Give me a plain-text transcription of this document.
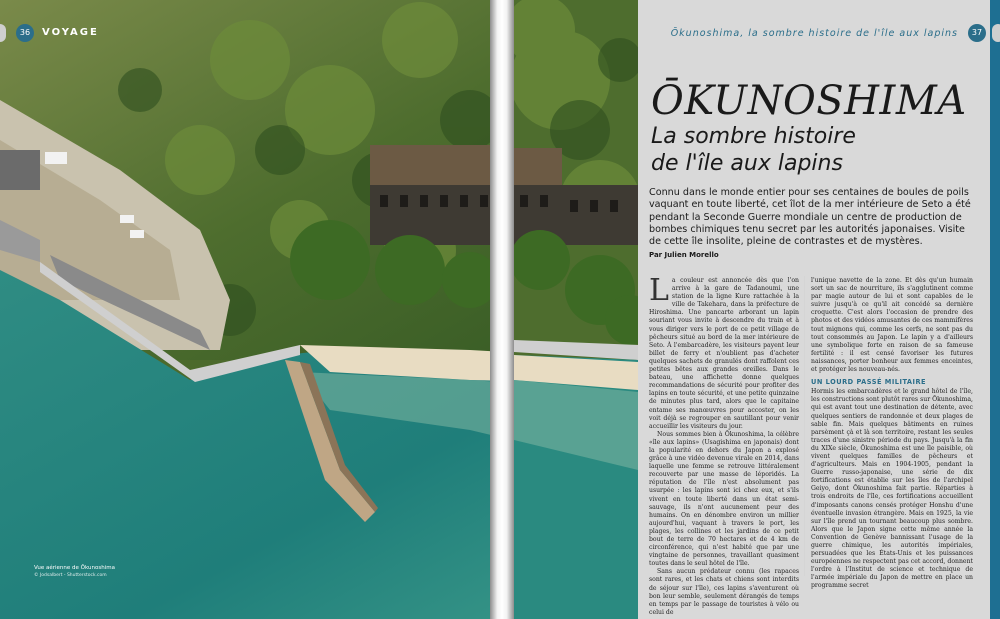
36	VOYAGE	Ōkunoshima, la sombre histoire de l'île aux lapins	37
ŌKUNOSHIMA
La sombre histoire
de l'île aux lapins
Connu dans le monde entier pour ses centaines de boules de poils vaquant en toute liberté, cet îlot de la mer intérieure de Seto a été pendant la Seconde Guerre mondiale un centre de production de bombes chimiques tenu secret par les autorités japonaises. Visite de cette île insolite, pleine de contrastes et de mystères.
Par Julien Morello

La couleur est annoncée dès que l'on arrive à la gare de Tadanoumi, une station de la ligne Kure rattachée à la ville de Takehara, dans la préfecture de Hiroshima. Une pancarte arborant un lapin souriant vous invite à descendre du train et à vous diriger vers le port de ce petit village de pêcheurs situé au bord de la mer intérieure de Seto. À l'embarcadère, les visiteurs payent leur billet de ferry et n'oublient pas d'acheter quelques sachets de granulés dont raffolent ces petites bêtes aux grandes oreilles. Dans le bateau, une affichette donne quelques recommandations de sécurité pour profiter des lapins en toute sécurité, et une petite quinzaine de minutes plus tard, alors que le capitaine entame ses manœuvres pour accoster, on les voit déjà se regrouper en sautillant pour venir accueillir les visiteurs du jour.

Nous sommes bien à Ōkunoshima, la célèbre «île aux lapins» (Usagishima en japonais) dont la popularité en dehors du Japon a explosé grâce à une vidéo devenue virale en 2014, dans laquelle une femme se retrouve littéralement recouverte par une masse de léporidés. La réputation de l'île n'est absolument pas usurpée : les lapins sont ici chez eux, et s'ils vivent en toute liberté dans un état semi-sauvage, ils n'ont aucunement peur des humains. On en dénombre environ un millier aujourd'hui, vaquant à travers le port, les plages, les collines et les jardins de ce petit bout de terre de 70 hectares et de 4 km de circonférence, qui n'est habité que par une vingtaine de personnes, travaillant quasiment toutes dans le seul hôtel de l'île.

Sans aucun prédateur connu (les rapaces sont rares, et les chats et chiens sont interdits de séjour sur l'île), ces lapins s'aventurent où bon leur semble, seulement dérangés de temps en temps par le passage de touristes à vélo ou celui de

l'unique navette de la zone. Et dès qu'un humain sort un sac de nourriture, ils s'agglutinent comme par magie autour de lui et sont capables de le suivre jusqu'à ce qu'il ait concédé sa dernière croquette. C'est alors l'occasion de prendre des photos et des vidéos amusantes de ces mammifères tout mignons qui, comme les cerfs, ne sont pas du tout consommés au Japon. Le lapin y a d'ailleurs une symbolique forte en raison de sa fameuse fertilité : il est censé favoriser les futures naissances, porter bonheur aux femmes enceintes, et protéger les nouveau-nés.

UN LOURD PASSÉ MILITAIRE

Hormis les embarcadères et le grand hôtel de l'île, les constructions sont plutôt rares sur Ōkunoshima, qui est avant tout une destination de détente, avec quelques sentiers de randonnée et deux plages de sable fin. Mais quelques bâtiments en ruines parsèment çà et là son territoire, restant les seules traces d'une sinistre période du pays. Jusqu'à la fin du XIXe siècle, Ōkunoshima est une île paisible, où vivent quelques familles de pêcheurs et d'agriculteurs. Mais en 1904-1905, pendant la Guerre russo-japonaise, une série de dix fortifications est établie sur les îles de l'archipel Geiyo, dont Ōkunoshima fait partie. Réparties à trois endroits de l'île, ces fortifications accueillent d'imposants canons censés protéger Honshu d'une éventuelle invasion étrangère. Mais en 1925, la vie sur l'île prend un tournant beaucoup plus sombre. Alors que le Japon signe cette même année la Convention de Genève bannissant l'usage de la guerre chimique, les autorités impériales, persuadées que les États-Unis et les puissances européennes ne respectent pas cet accord, donnent l'ordre à l'Institut de science et technique de l'armée impériale du Japon de mettre en place un programme secret

Vue aérienne de Ōkunoshima
© Jodsalbert - Shutterstock.com
